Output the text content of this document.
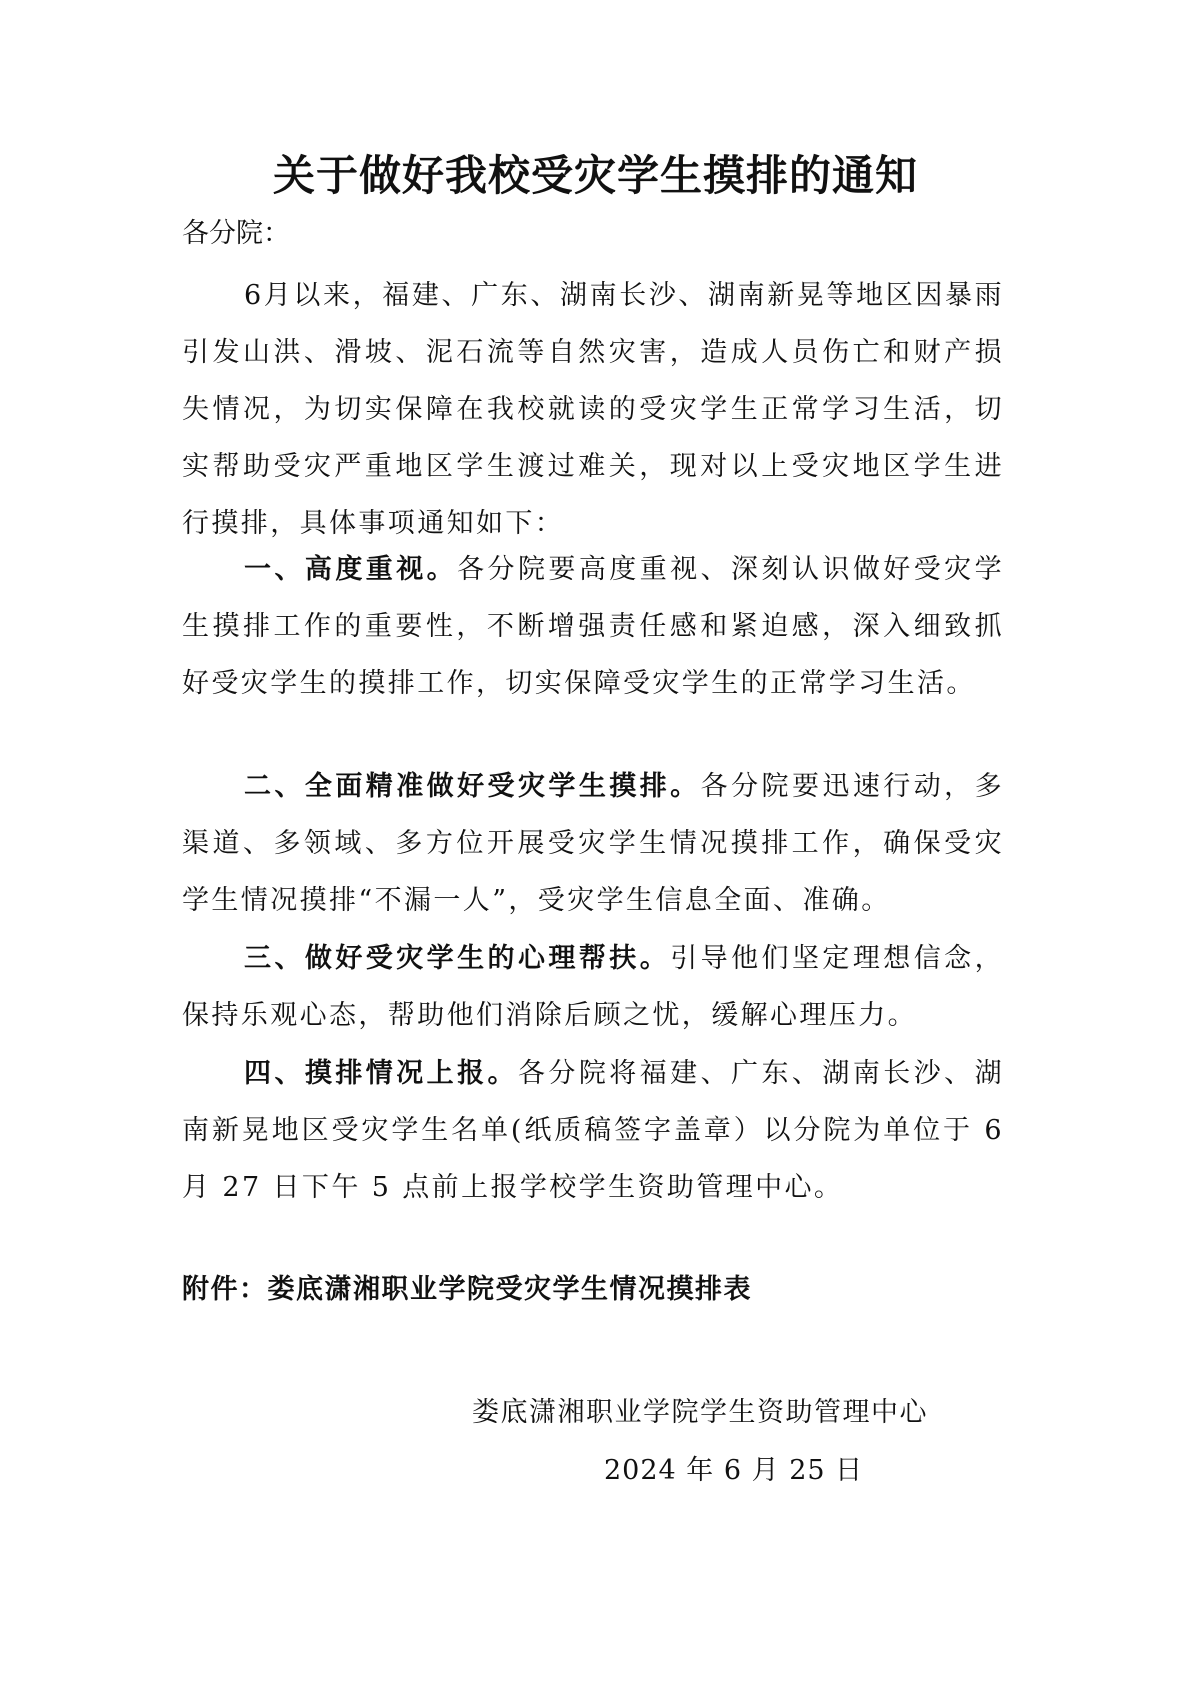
关于做好我校受灾学生摸排的通知

各分院：

6月以来，福建、广东、湖南长沙、湖南新晃等地区因暴雨引发山洪、滑坡、泥石流等自然灾害，造成人员伤亡和财产损失情况，为切实保障在我校就读的受灾学生正常学习生活，切实帮助受灾严重地区学生渡过难关，现对以上受灾地区学生进行摸排，具体事项通知如下：

一、高度重视。各分院要高度重视、深刻认识做好受灾学生摸排工作的重要性，不断增强责任感和紧迫感，深入细致抓好受灾学生的摸排工作，切实保障受灾学生的正常学习生活。

二、全面精准做好受灾学生摸排。各分院要迅速行动，多渠道、多领域、多方位开展受灾学生情况摸排工作，确保受灾学生情况摸排“不漏一人”，受灾学生信息全面、准确。

三、做好受灾学生的心理帮扶。引导他们坚定理想信念，保持乐观心态，帮助他们消除后顾之忧，缓解心理压力。

四、摸排情况上报。各分院将福建、广东、湖南长沙、湖南新晃地区受灾学生名单(纸质稿签字盖章）以分院为单位于 6 月 27 日下午 5 点前上报学校学生资助管理中心。

附件：娄底潇湘职业学院受灾学生情况摸排表

娄底潇湘职业学院学生资助管理中心

2024 年 6 月 25 日
